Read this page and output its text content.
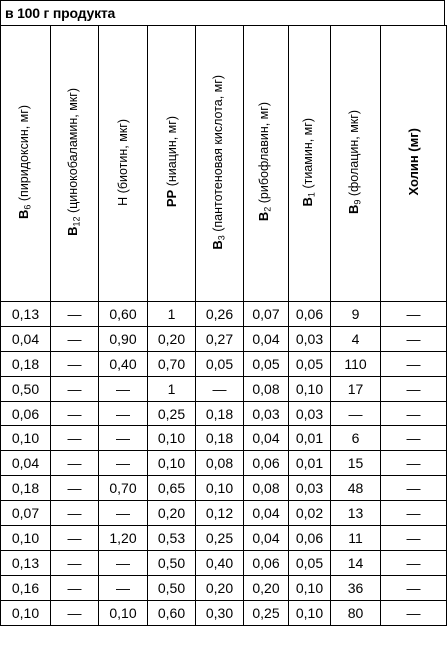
в 100 г продукта
$В_6$ (пиридоксин, мг)	$В_{12}$ (цинокобаламин, мкг)	Н (биотин, мкг)	РР (ниацин, мг)	$В_3$ (пантотеновая кислота, мг)	$В_2$ (рибофлавин, мг)	$В_1$ (тиамин, мг)	$В_9$ (фолацин, мкг)	Холин (мг)
0,13	—	0,60	1	0,26	0,07	0,06	9	—
0,04	—	0,90	0,20	0,27	0,04	0,03	4	—
0,18	—	0,40	0,70	0,05	0,05	0,05	110	—
0,50	—	—	1	—	0,08	0,10	17	—
0,06	—	—	0,25	0,18	0,03	0,03	—	—
0,10	—	—	0,10	0,18	0,04	0,01	6	—
0,04	—	—	0,10	0,08	0,06	0,01	15	—
0,18	—	0,70	0,65	0,10	0,08	0,03	48	—
0,07	—	—	0,20	0,12	0,04	0,02	13	—
0,10	—	1,20	0,53	0,25	0,04	0,06	11	—
0,13	—	—	0,50	0,40	0,06	0,05	14	—
0,16	—	—	0,50	0,20	0,20	0,10	36	—
0,10	—	0,10	0,60	0,30	0,25	0,10	80	—
